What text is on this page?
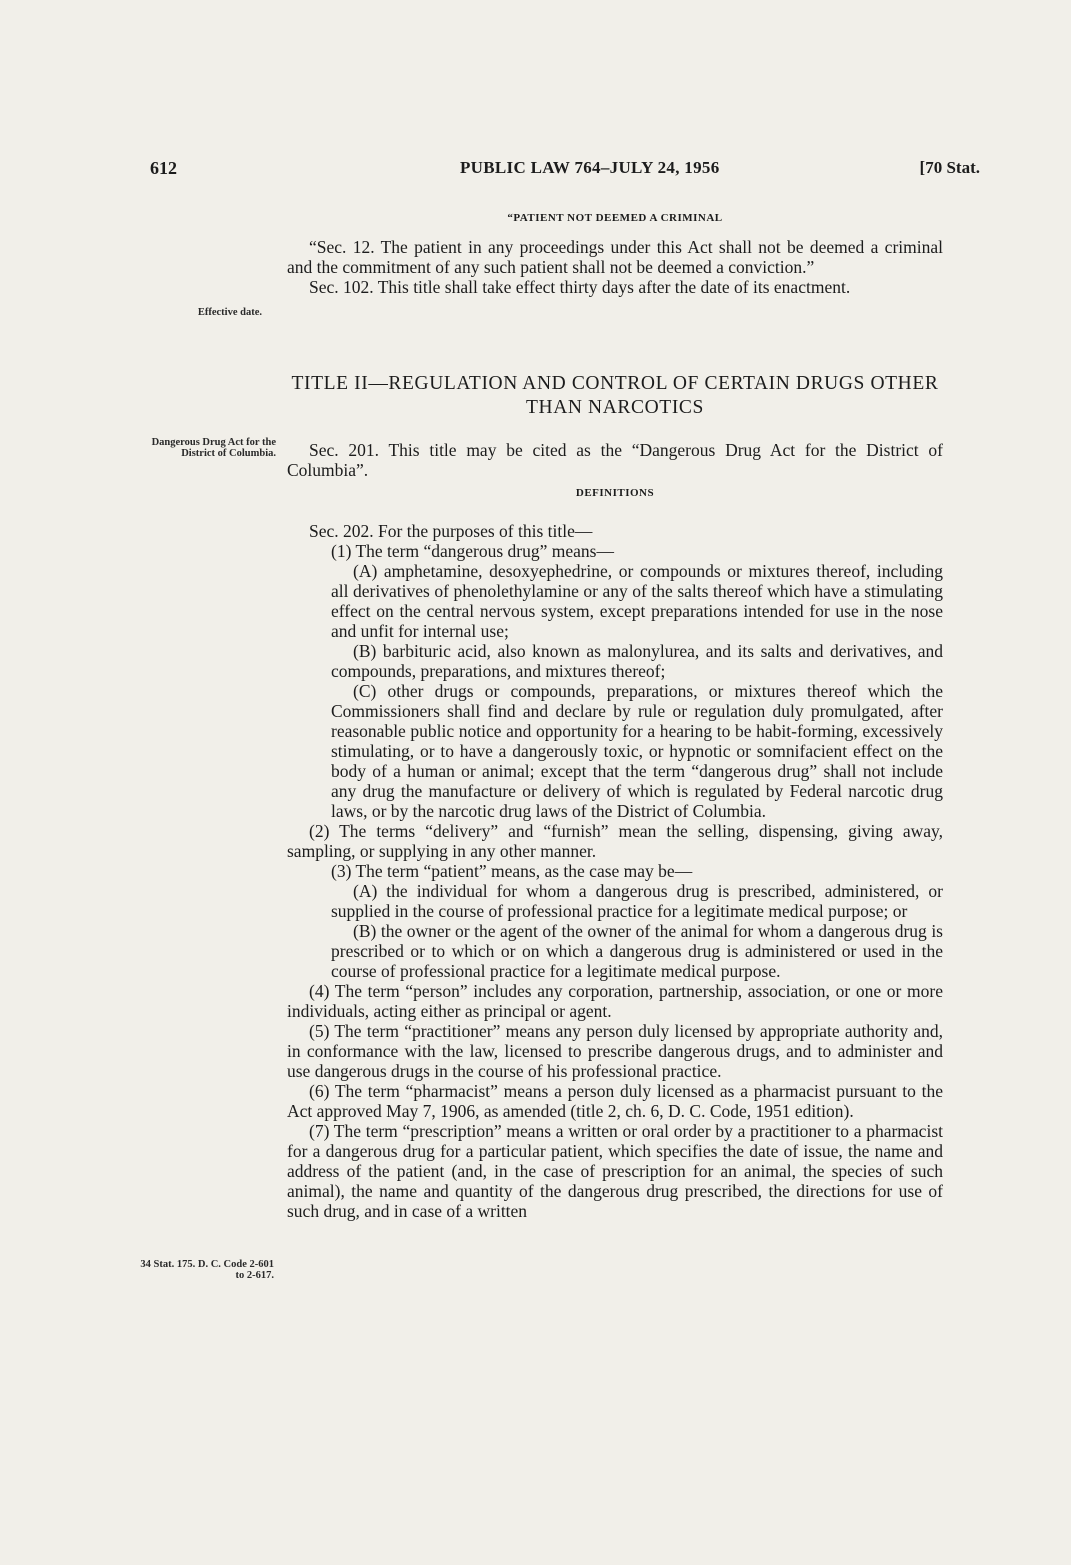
612	PUBLIC LAW 764–JULY 24, 1956	[70 Stat.
Effective date.
Dangerous Drug Act for the District of Columbia.
34 Stat. 175. D. C. Code 2-601 to 2-617.

“PATIENT NOT DEEMED A CRIMINAL

“Sec. 12. The patient in any proceedings under this Act shall not be deemed a criminal and the commitment of any such patient shall not be deemed a conviction.”

Sec. 102. This title shall take effect thirty days after the date of its enactment.

TITLE II—REGULATION AND CONTROL OF CERTAIN DRUGS OTHER THAN NARCOTICS

Sec. 201. This title may be cited as the “Dangerous Drug Act for the District of Columbia”.

DEFINITIONS

Sec. 202. For the purposes of this title—

(1) The term “dangerous drug” means—

(A) amphetamine, desoxyephedrine, or compounds or mixtures thereof, including all derivatives of phenolethylamine or any of the salts thereof which have a stimulating effect on the central nervous system, except preparations intended for use in the nose and unfit for internal use;

(B) barbituric acid, also known as malonylurea, and its salts and derivatives, and compounds, preparations, and mixtures thereof;

(C) other drugs or compounds, preparations, or mixtures thereof which the Commissioners shall find and declare by rule or regulation duly promulgated, after reasonable public notice and opportunity for a hearing to be habit-forming, excessively stimulating, or to have a dangerously toxic, or hypnotic or somnifacient effect on the body of a human or animal; except that the term “dangerous drug” shall not include any drug the manufacture or delivery of which is regulated by Federal narcotic drug laws, or by the narcotic drug laws of the District of Columbia.

(2) The terms “delivery” and “furnish” mean the selling, dispensing, giving away, sampling, or supplying in any other manner.

(3) The term “patient” means, as the case may be—

(A) the individual for whom a dangerous drug is prescribed, administered, or supplied in the course of professional practice for a legitimate medical purpose; or

(B) the owner or the agent of the owner of the animal for whom a dangerous drug is prescribed or to which or on which a dangerous drug is administered or used in the course of professional practice for a legitimate medical purpose.

(4) The term “person” includes any corporation, partnership, association, or one or more individuals, acting either as principal or agent.

(5) The term “practitioner” means any person duly licensed by appropriate authority and, in conformance with the law, licensed to prescribe dangerous drugs, and to administer and use dangerous drugs in the course of his professional practice.

(6) The term “pharmacist” means a person duly licensed as a pharmacist pursuant to the Act approved May 7, 1906, as amended (title 2, ch. 6, D. C. Code, 1951 edition).

(7) The term “prescription” means a written or oral order by a practitioner to a pharmacist for a dangerous drug for a particular patient, which specifies the date of issue, the name and address of the patient (and, in the case of prescription for an animal, the species of such animal), the name and quantity of the dangerous drug prescribed, the directions for use of such drug, and in case of a written
